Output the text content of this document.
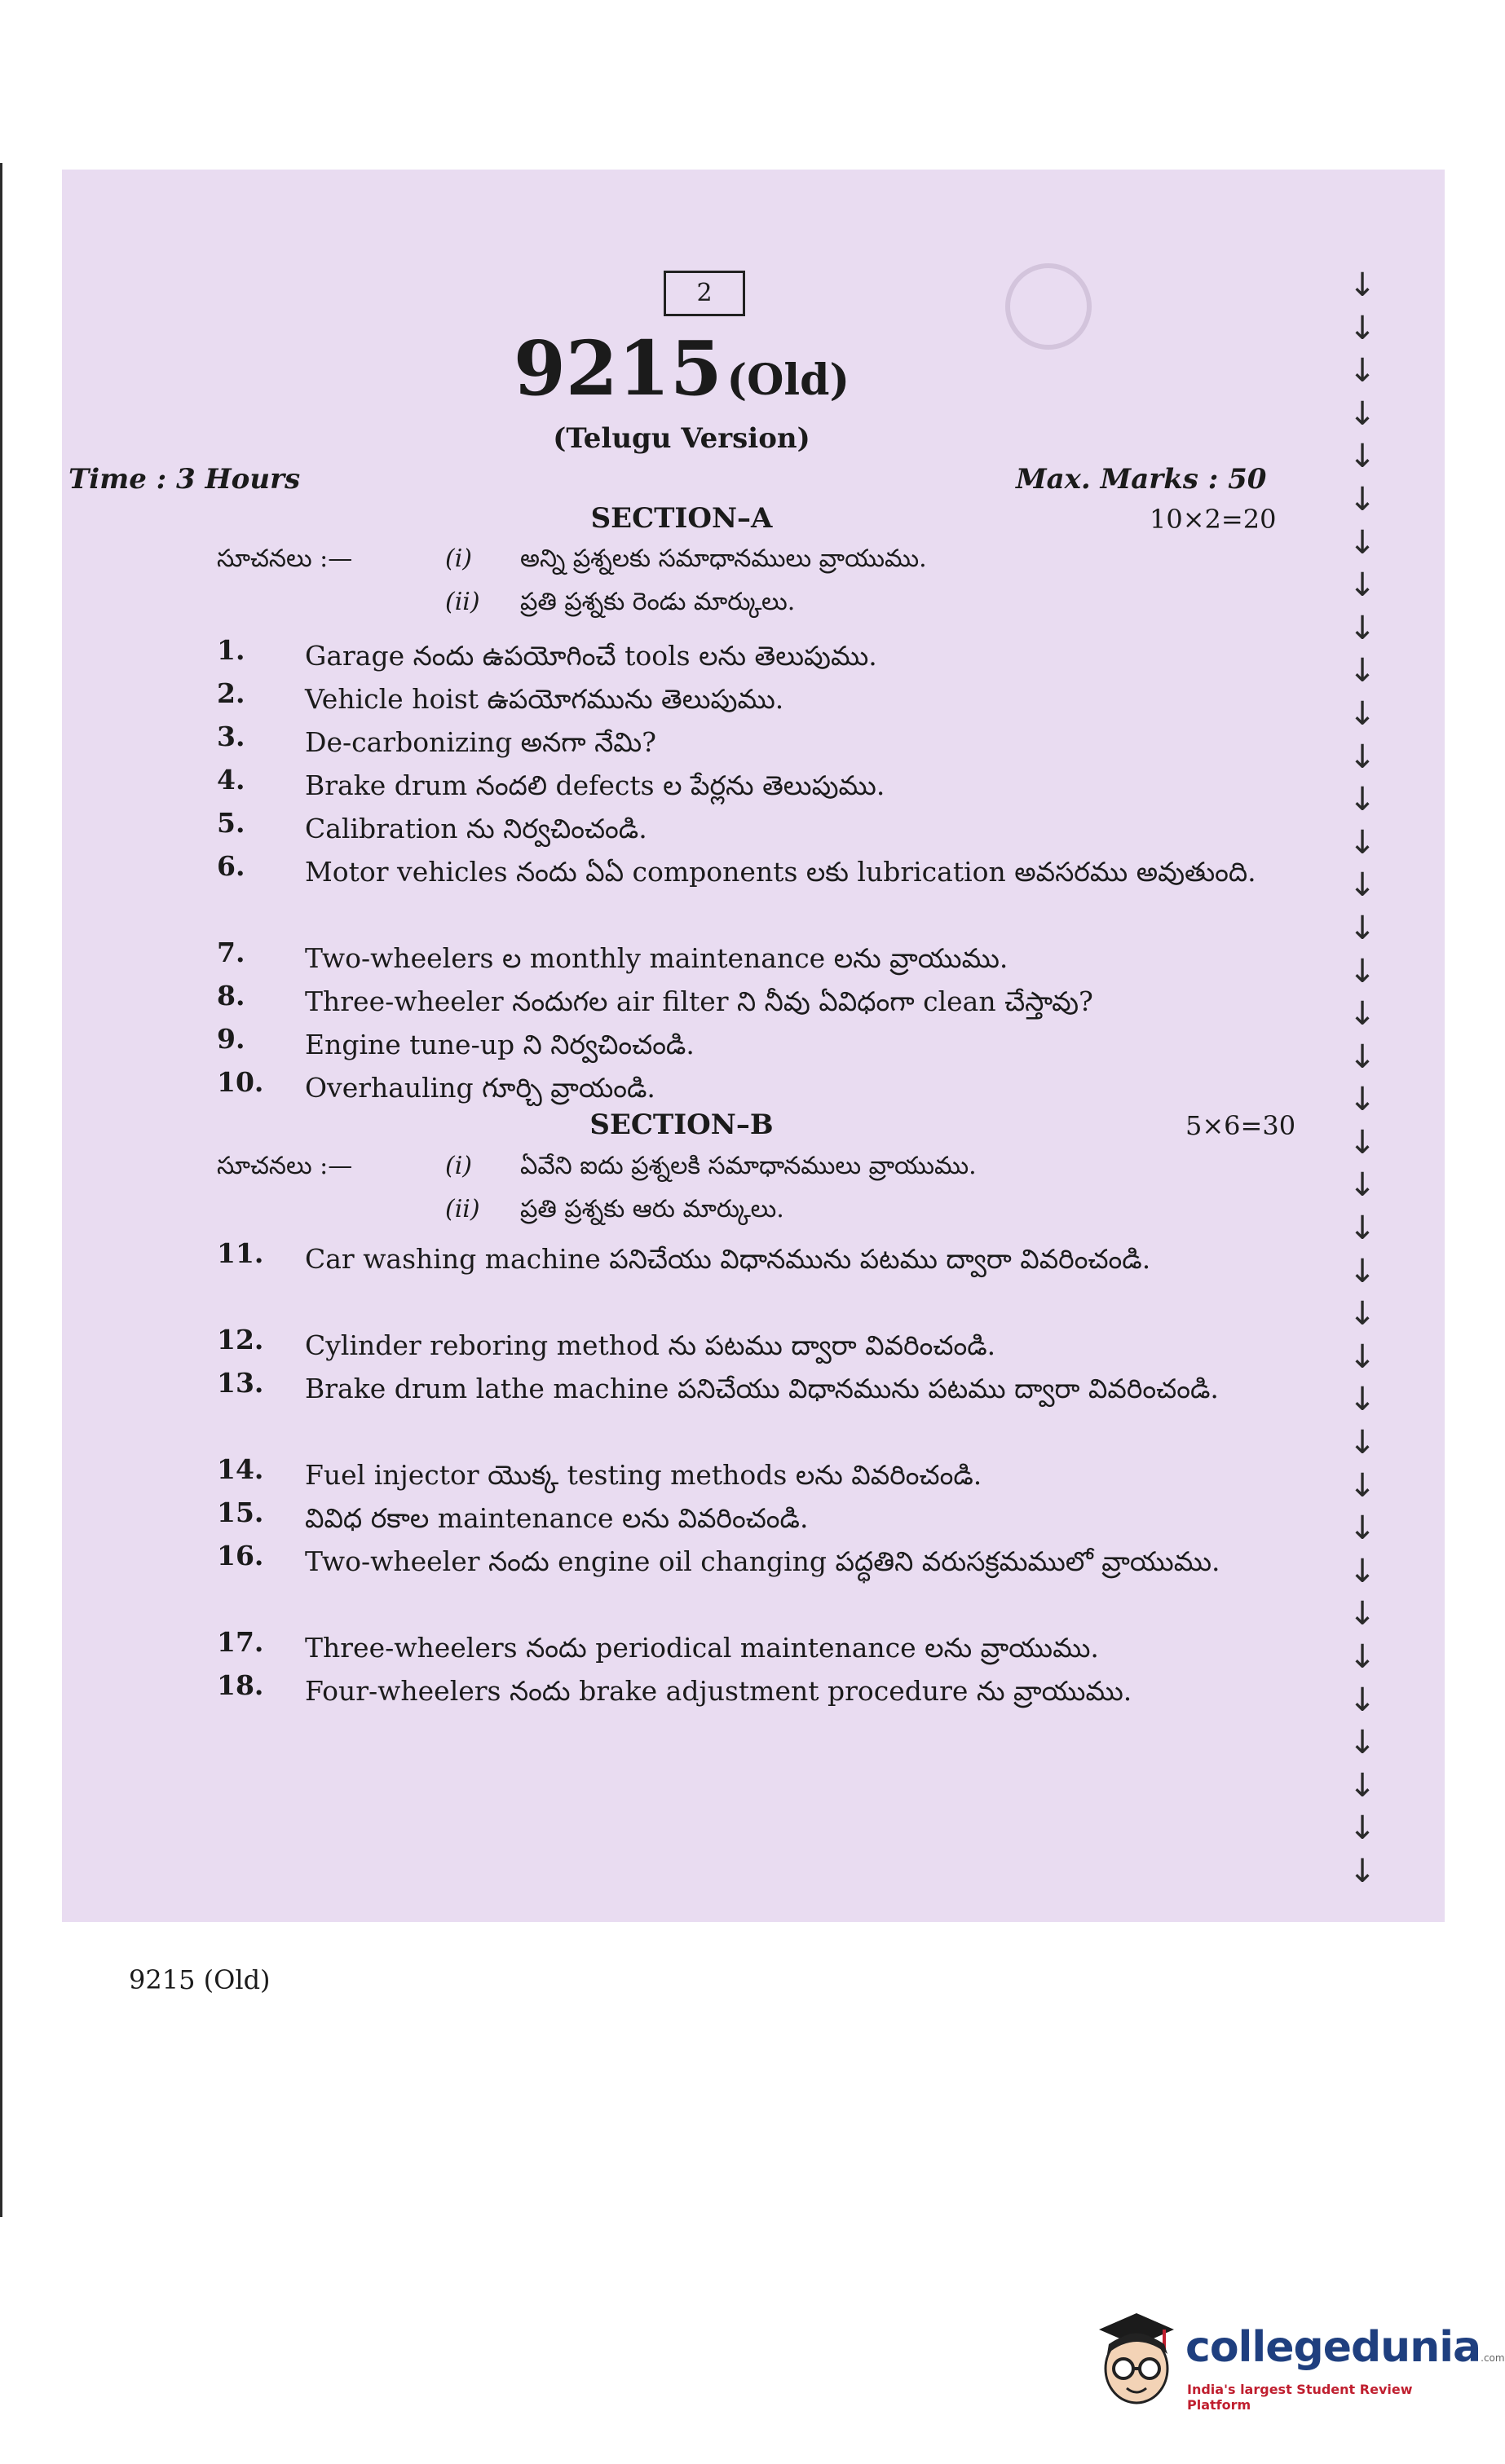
↓
↓
↓
↓
↓
↓
↓
↓
↓
↓
↓
↓
↓
↓
↓
↓
↓
↓
↓
↓
↓
↓
↓
↓
↓
↓
↓
↓
↓
↓
↓
↓
↓
↓
↓
↓
↓
↓
2
9215 (Old)
(Telugu Version)
Time : 3 Hours	Max. Marks : 50
SECTION–A	10×2=20
సూచనలు :—	(i) అన్ని ప్రశ్నలకు సమాధానములు వ్రాయుము.
(ii) ప్రతి ప్రశ్నకు రెండు మార్కులు.
1. Garage నందు ఉపయోగించే tools లను తెలుపుము.
2. Vehicle hoist ఉపయోగమును తెలుపుము.
3. De-carbonizing అనగా నేమి?
4. Brake drum నందలి defects ల పేర్లను తెలుపుము.
5. Calibration ను నిర్వచించండి.
6. Motor vehicles నందు ఏఏ components లకు lubrication అవసరము అవుతుంది.
7. Two-wheelers ల monthly maintenance లను వ్రాయుము.
8. Three-wheeler నందుగల air filter ని నీవు ఏవిధంగా clean చేస్తావు?
9. Engine tune-up ని నిర్వచించండి.
10. Overhauling గూర్చి వ్రాయండి.
SECTION–B	5×6=30
సూచనలు :—	(i) ఏవేని ఐదు ప్రశ్నలకి సమాధానములు వ్రాయుము.
(ii) ప్రతి ప్రశ్నకు ఆరు మార్కులు.
11. Car washing machine పనిచేయు విధానమును పటము ద్వారా వివరించండి.
12. Cylinder reboring method ను పటము ద్వారా వివరించండి.
13. Brake drum lathe machine పనిచేయు విధానమును పటము ద్వారా వివరించండి.
14. Fuel injector యొక్క testing methods లను వివరించండి.
15. వివిధ రకాల maintenance లను వివరించండి.
16. Two-wheeler నందు engine oil changing పద్ధతిని వరుసక్రమములో వ్రాయుము.
17. Three-wheelers నందు periodical maintenance లను వ్రాయుము.
18. Four-wheelers నందు brake adjustment procedure ను వ్రాయుము.
9215 (Old)
collegedunia.com
India's largest Student Review Platform
